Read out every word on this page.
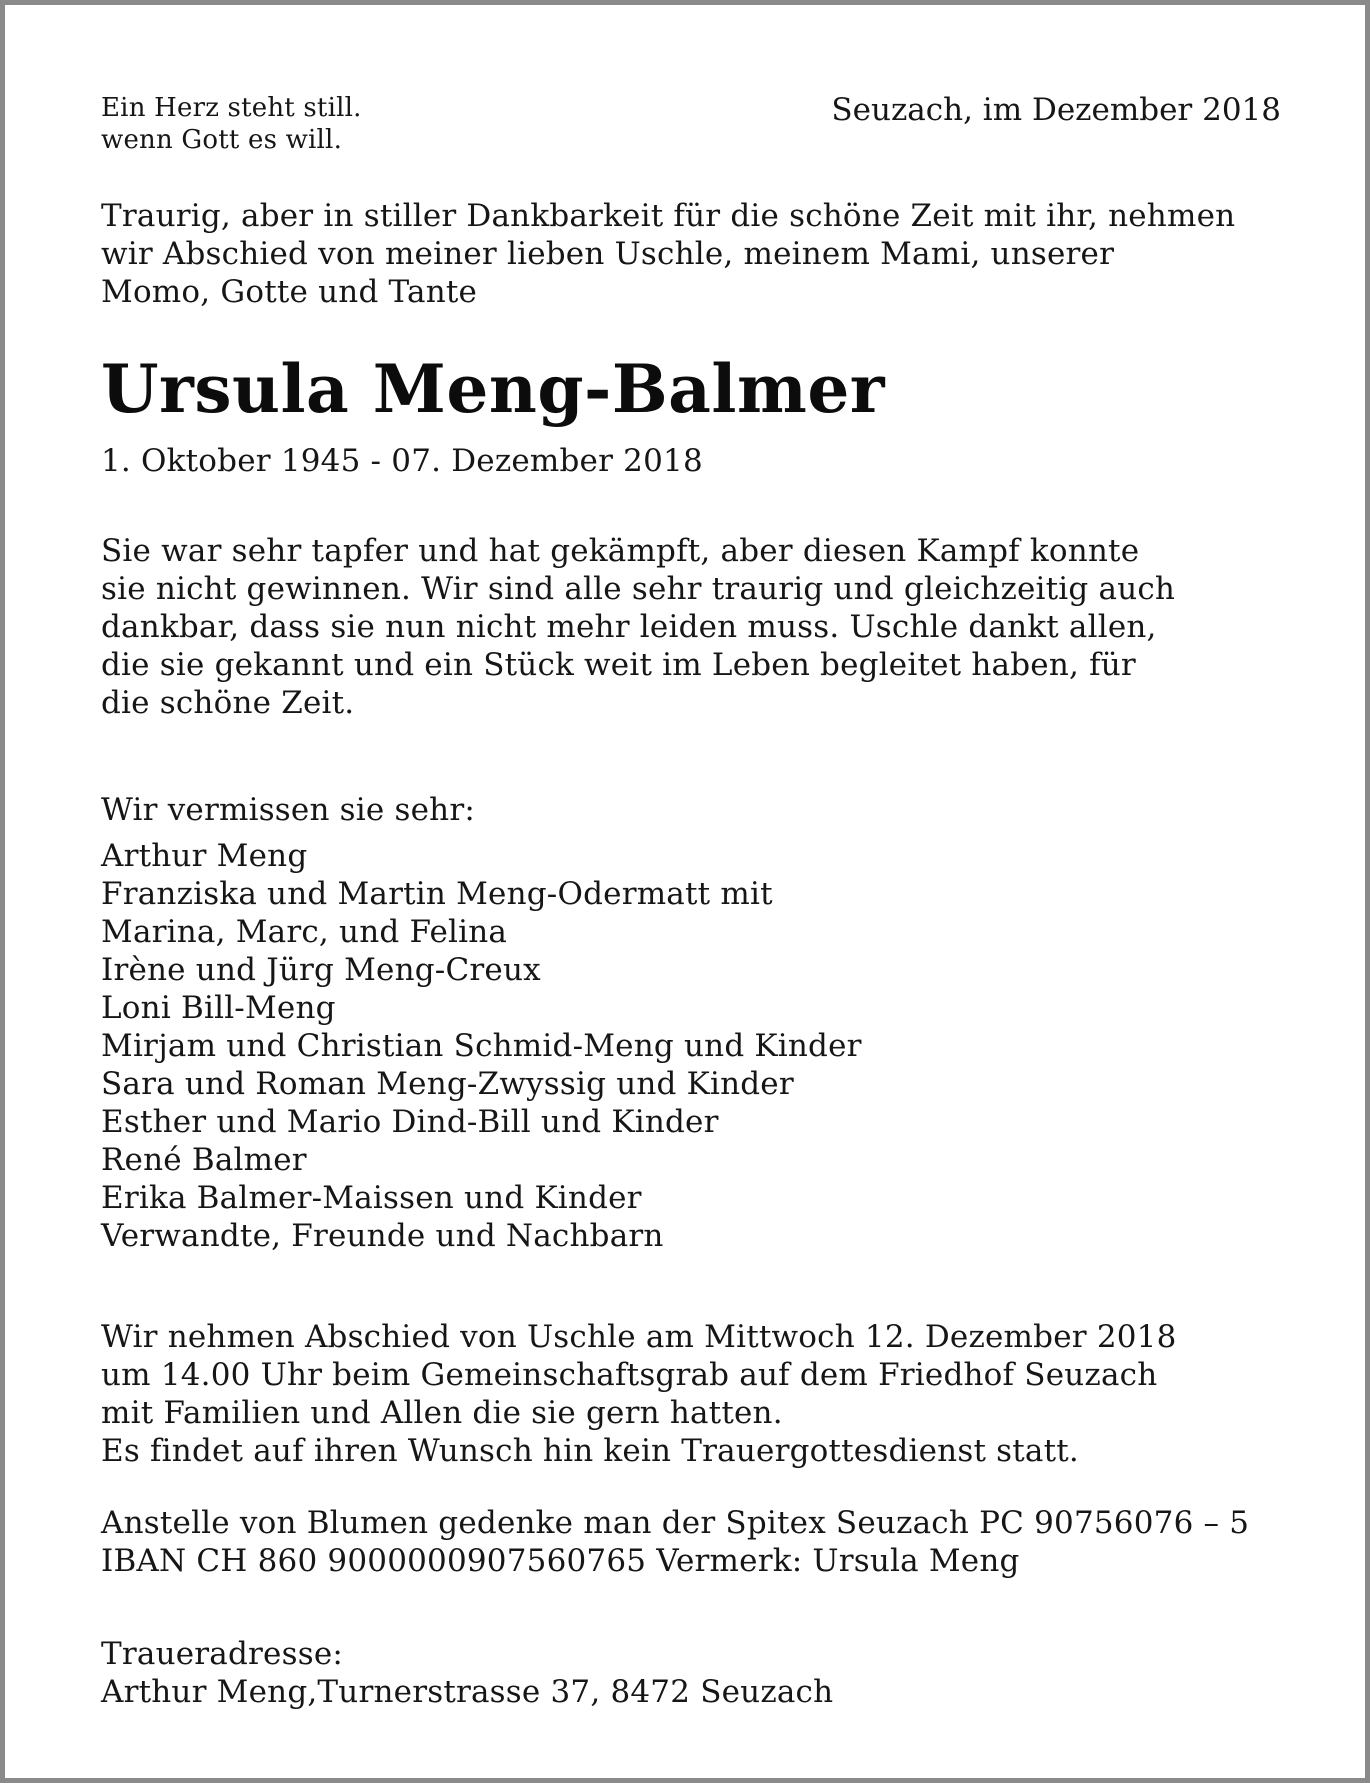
Ein Herz steht still.
wenn Gott es will.
Seuzach, im Dezember 2018
Traurig, aber in stiller Dankbarkeit für die schöne Zeit mit ihr, nehmen
wir Abschied von meiner lieben Uschle, meinem Mami, unserer
Momo, Gotte und Tante
Ursula Meng-Balmer
1. Oktober 1945 - 07. Dezember 2018
Sie war sehr tapfer und hat gekämpft, aber diesen Kampf konnte
sie nicht gewinnen. Wir sind alle sehr traurig und gleichzeitig auch
dankbar, dass sie nun nicht mehr leiden muss. Uschle dankt allen,
die sie gekannt und ein Stück weit im Leben begleitet haben, für
die schöne Zeit.
Wir vermissen sie sehr:
Arthur Meng
Franziska und Martin Meng-Odermatt mit
Marina, Marc, und Felina
Irène und Jürg Meng-Creux
Loni Bill-Meng
Mirjam und Christian Schmid-Meng und Kinder
Sara und Roman Meng-Zwyssig und Kinder
Esther und Mario Dind-Bill und Kinder
René Balmer
Erika Balmer-Maissen und Kinder
Verwandte, Freunde und Nachbarn
Wir nehmen Abschied von Uschle am Mittwoch 12. Dezember 2018
um 14.00 Uhr beim Gemeinschaftsgrab auf dem Friedhof Seuzach
mit Familien und Allen die sie gern hatten.
Es findet auf ihren Wunsch hin kein Trauergottesdienst statt.
Anstelle von Blumen gedenke man der Spitex Seuzach PC 90756076 – 5
IBAN CH 860 9000000907560765 Vermerk: Ursula Meng
Traueradresse:
Arthur Meng,Turnerstrasse 37, 8472 Seuzach
